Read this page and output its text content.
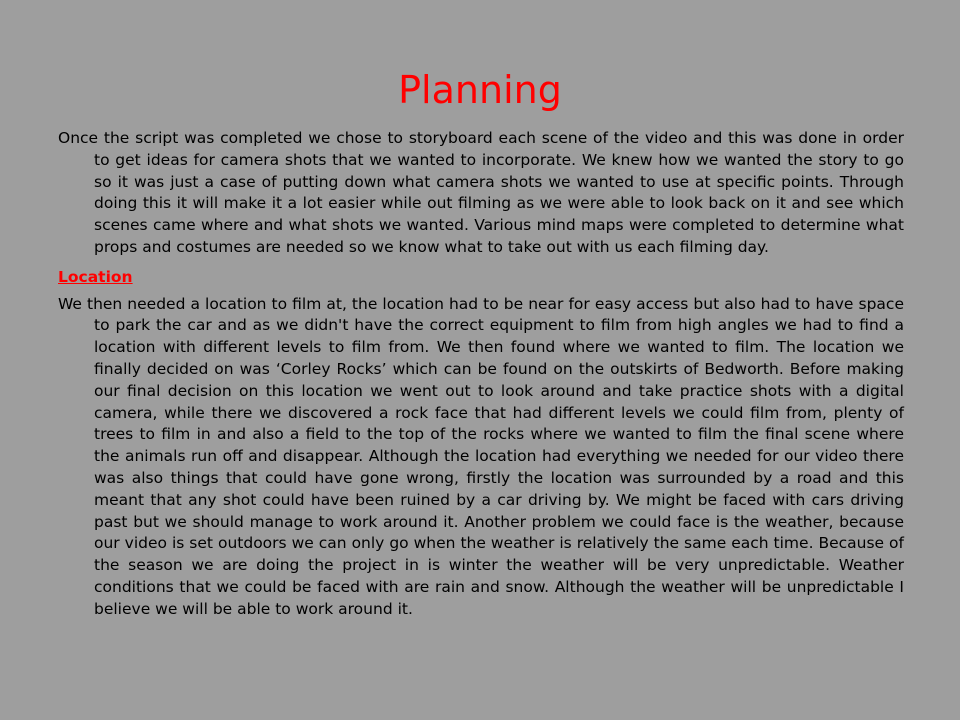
Planning

Once the script was completed we chose to storyboard each scene of the video and this was done in order to get ideas for camera shots that we wanted to incorporate. We knew how we wanted the story to go so it was just a case of putting down what camera shots we wanted to use at specific points. Through doing this it will make it a lot easier while out filming as we were able to look back on it and see which scenes came where and what shots we wanted. Various mind maps were completed to determine what props and costumes are needed so we know what to take out with us each filming day.

Location

We then needed a location to film at, the location had to be near for easy access but also had to have space to park the car and as we didn't have the correct equipment to film from high angles we had to find a location with different levels to film from. We then found where we wanted to film. The location we finally decided on was ‘Corley Rocks’ which can be found on the outskirts of Bedworth. Before making our final decision on this location we went out to look around and take practice shots with a digital camera, while there we discovered a rock face that had different levels we could film from, plenty of trees to film in and also a field to the top of the rocks where we wanted to film the final scene where the animals run off and disappear. Although the location had everything we needed for our video there was also things that could have gone wrong, firstly the location was surrounded by a road and this meant that any shot could have been ruined by a car driving by. We might be faced with cars driving past but we should manage to work around it. Another problem we could face is the weather, because our video is set outdoors we can only go when the weather is relatively the same each time. Because of the season we are doing the project in is winter the weather will be very unpredictable. Weather conditions that we could be faced with are rain and snow. Although the weather will be unpredictable I believe we will be able to work around it.
